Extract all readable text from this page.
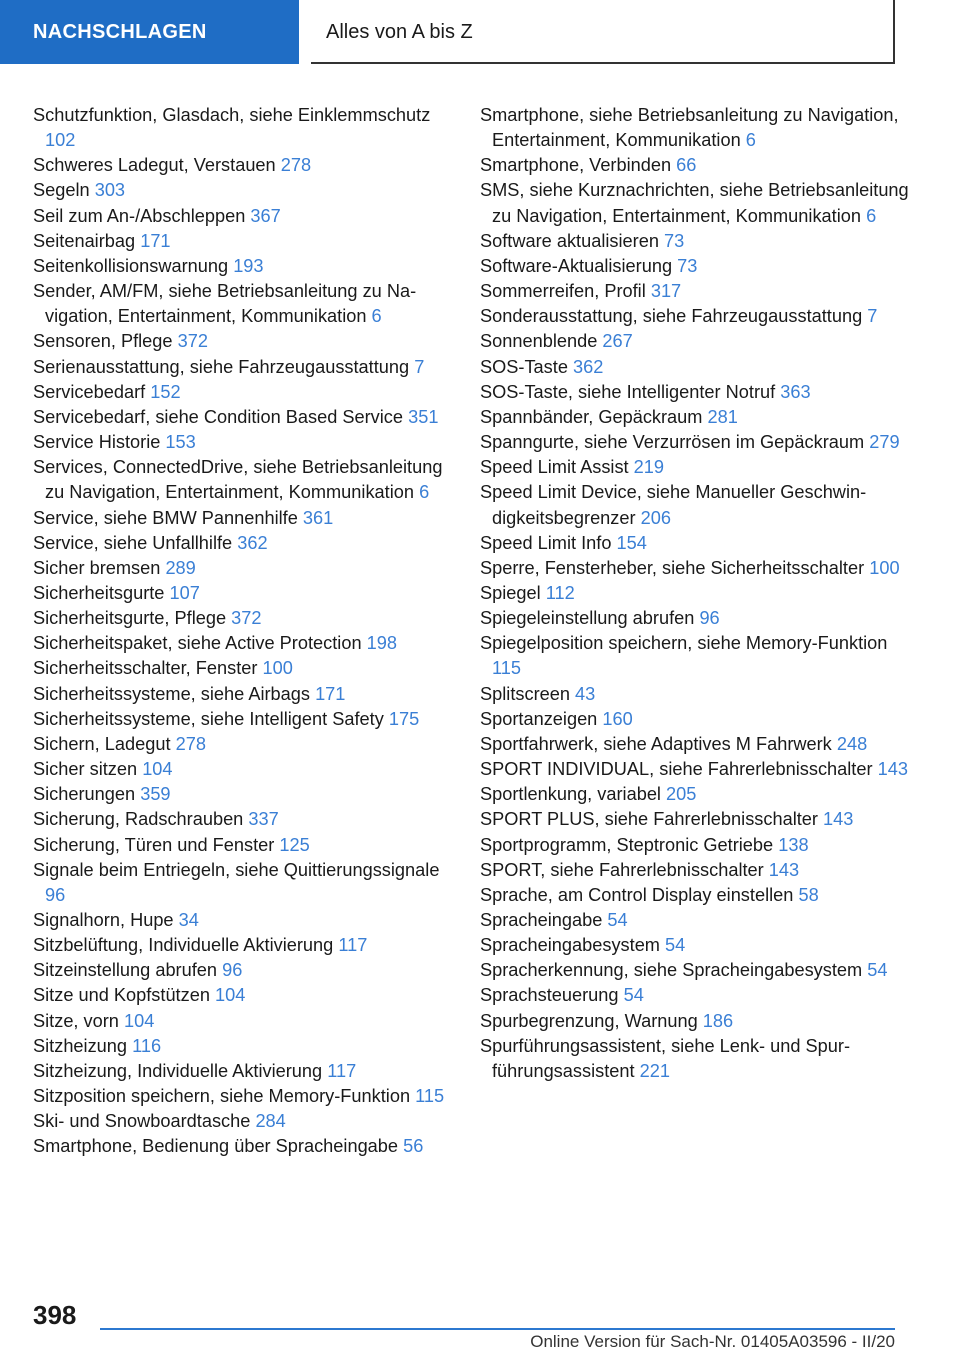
NACHSCHLAGEN	Alles von A bis Z
Schutzfunktion, Glasdach, siehe Einklemmschutz 102
Schweres Ladegut, Verstauen 278
Segeln 303
Seil zum An-/Abschleppen 367
Seitenairbag 171
Seitenkollisionswarnung 193
Sender, AM/FM, siehe Betriebsanleitung zu Navigation, Entertainment, Kommunikation 6
Sensoren, Pflege 372
Serienausstattung, siehe Fahrzeugausstattung 7
Servicebedarf 152
Servicebedarf, siehe Condition Based Service 351
Service Historie 153
Services, ConnectedDrive, siehe Betriebsanleitung zu Navigation, Entertainment, Kommunikation 6
Service, siehe BMW Pannenhilfe 361
Service, siehe Unfallhilfe 362
Sicher bremsen 289
Sicherheitsgurte 107
Sicherheitsgurte, Pflege 372
Sicherheitspaket, siehe Active Protection 198
Sicherheitsschalter, Fenster 100
Sicherheitssysteme, siehe Airbags 171
Sicherheitssysteme, siehe Intelligent Safety 175
Sichern, Ladegut 278
Sicher sitzen 104
Sicherungen 359
Sicherung, Radschrauben 337
Sicherung, Türen und Fenster 125
Signale beim Entriegeln, siehe Quittierungssignale 96
Signalhorn, Hupe 34
Sitzbelüftung, Individuelle Aktivierung 117
Sitzeinstellung abrufen 96
Sitze und Kopfstützen 104
Sitze, vorn 104
Sitzheizung 116
Sitzheizung, Individuelle Aktivierung 117
Sitzposition speichern, siehe Memory-Funktion 115
Ski- und Snowboardtasche 284
Smartphone, Bedienung über Spracheingabe 56
Smartphone, siehe Betriebsanleitung zu Navigation, Entertainment, Kommunikation 6
Smartphone, Verbinden 66
SMS, siehe Kurznachrichten, siehe Betriebsanleitung zu Navigation, Entertainment, Kommunikation 6
Software aktualisieren 73
Software-Aktualisierung 73
Sommerreifen, Profil 317
Sonderausstattung, siehe Fahrzeugausstattung 7
Sonnenblende 267
SOS-Taste 362
SOS-Taste, siehe Intelligenter Notruf 363
Spannbänder, Gepäckraum 281
Spanngurte, siehe Verzurrösen im Gepäckraum 279
Speed Limit Assist 219
Speed Limit Device, siehe Manueller Geschwindigkeitsbegrenzer 206
Speed Limit Info 154
Sperre, Fensterheber, siehe Sicherheitsschalter 100
Spiegel 112
Spiegeleinstellung abrufen 96
Spiegelposition speichern, siehe Memory-Funktion 115
Splitscreen 43
Sportanzeigen 160
Sportfahrwerk, siehe Adaptives M Fahrwerk 248
SPORT INDIVIDUAL, siehe Fahrerlebnisschalter 143
Sportlenkung, variabel 205
SPORT PLUS, siehe Fahrerlebnisschalter 143
Sportprogramm, Steptronic Getriebe 138
SPORT, siehe Fahrerlebnisschalter 143
Sprache, am Control Display einstellen 58
Spracheingabe 54
Spracheingabesystem 54
Spracherkennung, siehe Spracheingabesystem 54
Sprachsteuerung 54
Spurbegrenzung, Warnung 186
Spurführungsassistent, siehe Lenk- und Spurführungsassistent 221
398
Online Version für Sach-Nr. 01405A03596 - II/20
